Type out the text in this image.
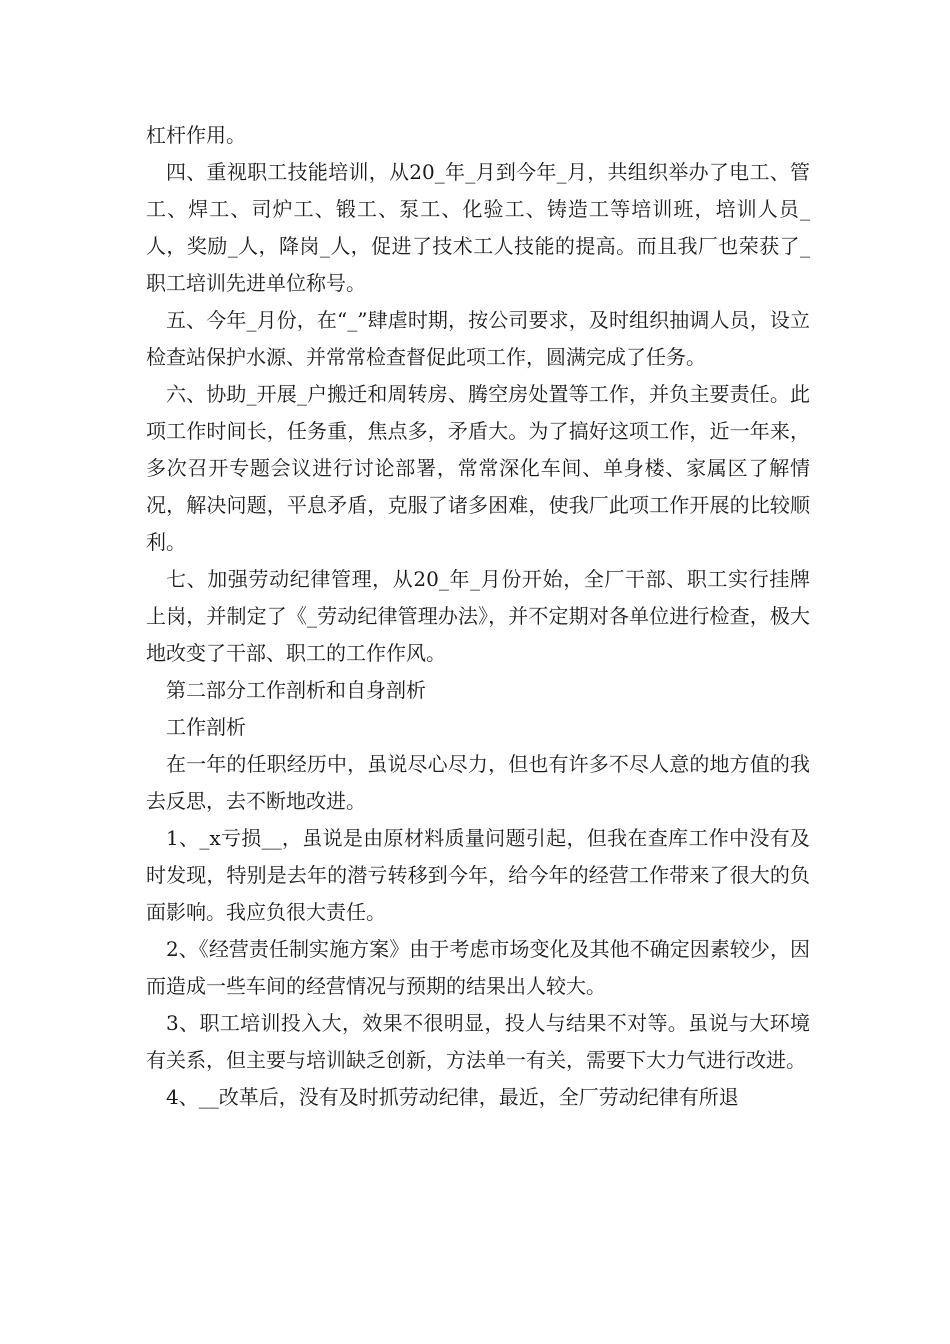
杠杆作用。

四、重视职工技能培训，从20_年_月到今年_月，共组织举办了电工、管工、焊工、司炉工、锻工、泵工、化验工、铸造工等培训班，培训人员_人，奖励_人，降岗_人，促进了技术工人技能的提高。而且我厂也荣获了_职工培训先进单位称号。

五、今年_月份，在“_”肆虐时期，按公司要求，及时组织抽调人员，设立检查站保护水源、并常常检查督促此项工作，圆满完成了任务。

六、协助_开展_户搬迁和周转房、腾空房处置等工作，并负主要责任。此项工作时间长，任务重，焦点多，矛盾大。为了搞好这项工作，近一年来，多次召开专题会议进行讨论部署，常常深化车间、单身楼、家属区了解情况，解决问题，平息矛盾，克服了诸多困难，使我厂此项工作开展的比较顺利。

七、加强劳动纪律管理，从20_年_月份开始，全厂干部、职工实行挂牌上岗，并制定了《_劳动纪律管理办法》，并不定期对各单位进行检查，极大地改变了干部、职工的工作作风。

第二部分工作剖析和自身剖析

工作剖析

在一年的任职经历中，虽说尽心尽力，但也有许多不尽人意的地方值的我去反思，去不断地改进。

1、_x亏损__，虽说是由原材料质量问题引起，但我在查库工作中没有及时发现，特别是去年的潜亏转移到今年，给今年的经营工作带来了很大的负面影响。我应负很大责任。

2、《经营责任制实施方案》由于考虑市场变化及其他不确定因素较少，因而造成一些车间的经营情况与预期的结果出人较大。

3、职工培训投入大，效果不很明显，投人与结果不对等。虽说与大环境有关系，但主要与培训缺乏创新，方法单一有关，需要下大力气进行改进。

4、__改革后，没有及时抓劳动纪律，最近，全厂劳动纪律有所退
